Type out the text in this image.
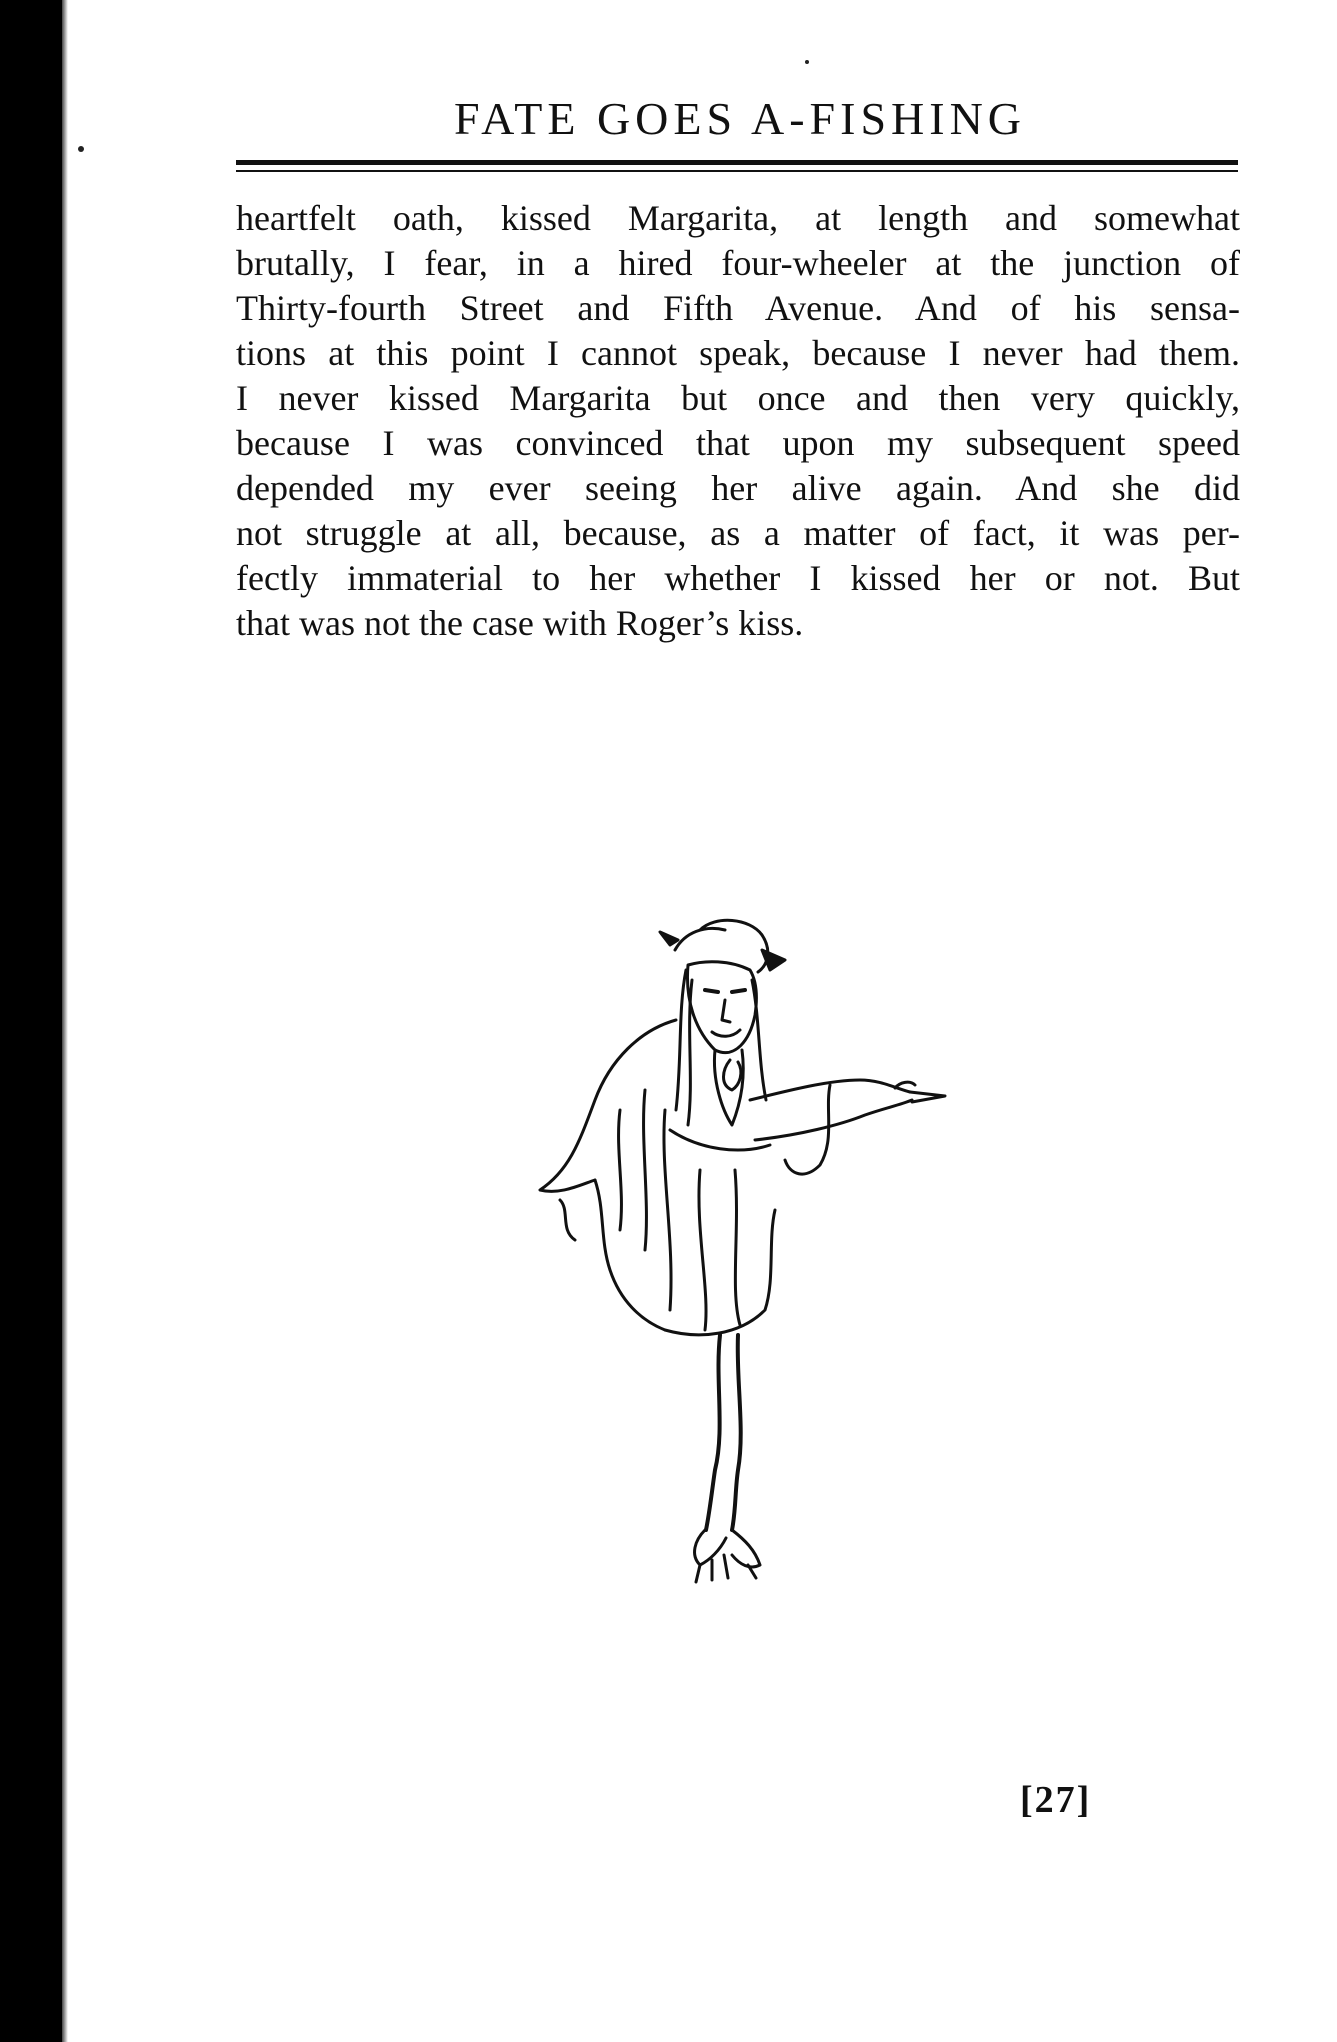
FATE GOES A-FISHING

heartfelt oath, kissed Margarita, at length and somewhat
brutally, I fear, in a hired four-wheeler at the junction of
Thirty-fourth Street and Fifth Avenue. And of his sensa-
tions at this point I cannot speak, because I never had them.
I never kissed Margarita but once and then very quickly,
because I was convinced that upon my subsequent speed
depended my ever seeing her alive again. And she did
not struggle at all, because, as a matter of fact, it was per-
fectly immaterial to her whether I kissed her or not. But
that was not the case with Roger’s kiss.

[27]
